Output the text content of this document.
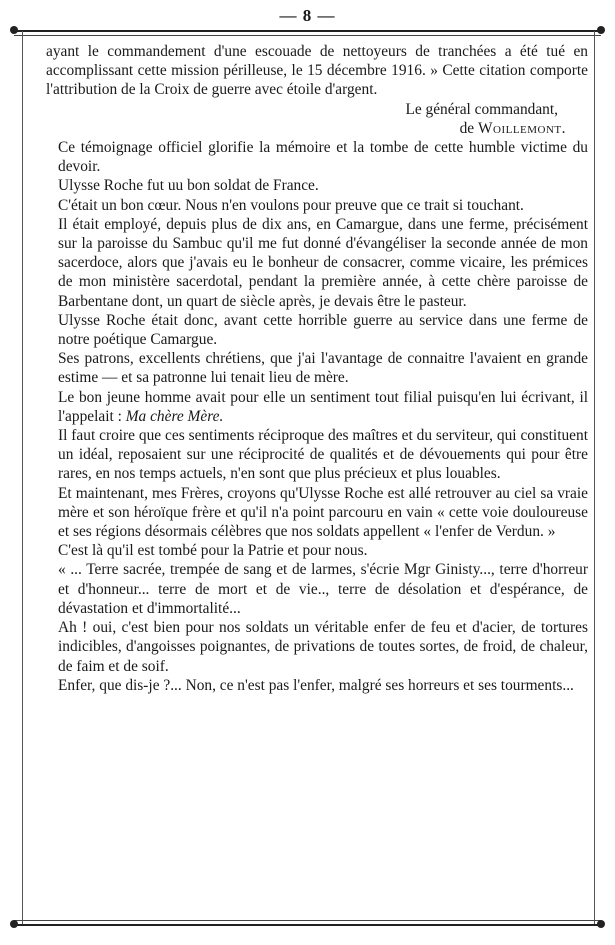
— 8 —

ayant le commandement d'une escouade de nettoyeurs de tranchées a été tué en accomplissant cette mission périlleuse, le 15 décembre 1916. » Cette citation comporte l'attribution de la Croix de guerre avec étoile d'argent.

Le général commandant,

de Woillemont.

Ce témoignage officiel glorifie la mémoire et la tombe de cette humble victime du devoir.

Ulysse Roche fut uu bon soldat de France.

C'était un bon cœur. Nous n'en voulons pour preuve que ce trait si touchant.

Il était employé, depuis plus de dix ans, en Camargue, dans une ferme, précisément sur la paroisse du Sambuc qu'il me fut donné d'évangéliser la seconde année de mon sacerdoce, alors que j'avais eu le bonheur de consacrer, comme vicaire, les prémices de mon ministère sacerdotal, pendant la première année, à cette chère paroisse de Barbentane dont, un quart de siècle après, je devais être le pasteur.

Ulysse Roche était donc, avant cette horrible guerre au service dans une ferme de notre poétique Camargue.

Ses patrons, excellents chrétiens, que j'ai l'avantage de connaitre l'avaient en grande estime — et sa patronne lui tenait lieu de mère.

Le bon jeune homme avait pour elle un sentiment tout filial puisqu'en lui écrivant, il l'appelait : Ma chère Mère.

Il faut croire que ces sentiments réciproque des maîtres et du serviteur, qui constituent un idéal, reposaient sur une réciprocité de qualités et de dévouements qui pour être rares, en nos temps actuels, n'en sont que plus précieux et plus louables.

Et maintenant, mes Frères, croyons qu'Ulysse Roche est allé retrouver au ciel sa vraie mère et son héroïque frère et qu'il n'a point parcouru en vain « cette voie douloureuse et ses régions désormais célèbres que nos soldats appellent « l'enfer de Verdun. »

C'est là qu'il est tombé pour la Patrie et pour nous.

« ... Terre sacrée, trempée de sang et de larmes, s'écrie Mgr Ginisty..., terre d'horreur et d'honneur... terre de mort et de vie.., terre de désolation et d'espérance, de dévastation et d'immortalité...

Ah ! oui, c'est bien pour nos soldats un véritable enfer de feu et d'acier, de tortures indicibles, d'angoisses poignantes, de privations de toutes sortes, de froid, de chaleur, de faim et de soif.

Enfer, que dis-je ?... Non, ce n'est pas l'enfer, malgré ses horreurs et ses tourments...
